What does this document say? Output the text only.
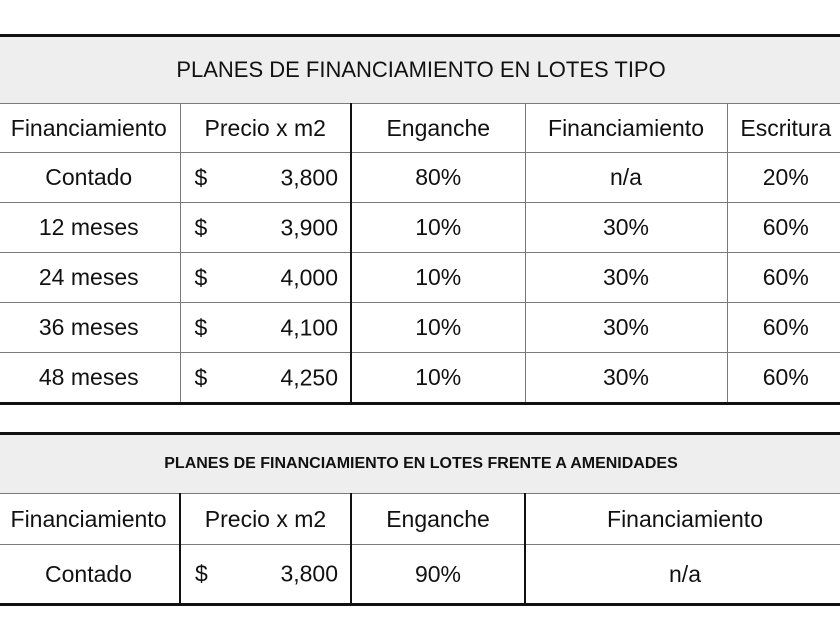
PLANES DE FINANCIAMIENTO EN LOTES TIPO				
Financiamiento	Precio x m2	Enganche	Financiamiento	Escritura
Contado	$ 3,800	80%	n/a	20%
12 meses	$ 3,900	10%	30%	60%
24 meses	$ 4,000	10%	30%	60%
36 meses	$ 4,100	10%	30%	60%
48 meses	$ 4,250	10%	30%	60%
PLANES DE FINANCIAMIENTO EN LOTES FRENTE A AMENIDADES			
Financiamiento	Precio x m2	Enganche	Financiamiento
Contado	$ 3,800	90%	n/a
